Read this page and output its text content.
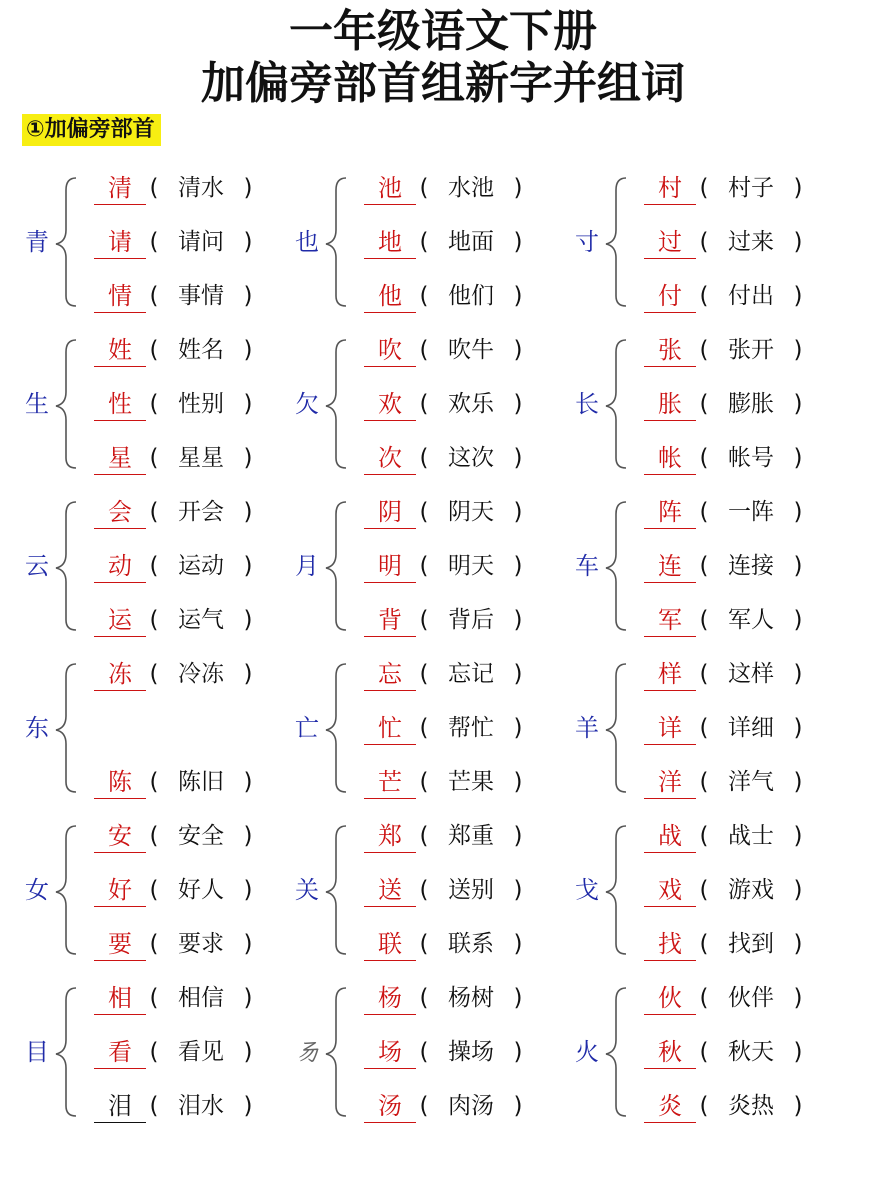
一年级语文下册
加偏旁部首组新字并组词
①加偏旁部首
青
清 ( 清水 )
请 ( 请问 )
情 ( 事情 )
也
池 ( 水池 )
地 ( 地面 )
他 ( 他们 )
寸
村 ( 村子 )
过 ( 过来 )
付 ( 付出 )
生
姓 ( 姓名 )
性 ( 性别 )
星 ( 星星 )
欠
吹 ( 吹牛 )
欢 ( 欢乐 )
次 ( 这次 )
长
张 ( 张开 )
胀 ( 膨胀 )
帐 ( 帐号 )
云
会 ( 开会 )
动 ( 运动 )
运 ( 运气 )
月
阴 ( 阴天 )
明 ( 明天 )
背 ( 背后 )
车
阵 ( 一阵 )
连 ( 连接 )
军 ( 军人 )
东
冻 ( 冷冻 )
陈 ( 陈旧 )
亡
忘 ( 忘记 )
忙 ( 帮忙 )
芒 ( 芒果 )
羊
样 ( 这样 )
详 ( 详细 )
洋 ( 洋气 )
女
安 ( 安全 )
好 ( 好人 )
要 ( 要求 )
关
郑 ( 郑重 )
送 ( 送别 )
联 ( 联系 )
戈
战 ( 战士 )
戏 ( 游戏 )
找 ( 找到 )
目
相 ( 相信 )
看 ( 看见 )
泪 ( 泪水 )
𠃓
杨 ( 杨树 )
场 ( 操场 )
汤 ( 肉汤 )
火
伙 ( 伙伴 )
秋 ( 秋天 )
炎 ( 炎热 )
